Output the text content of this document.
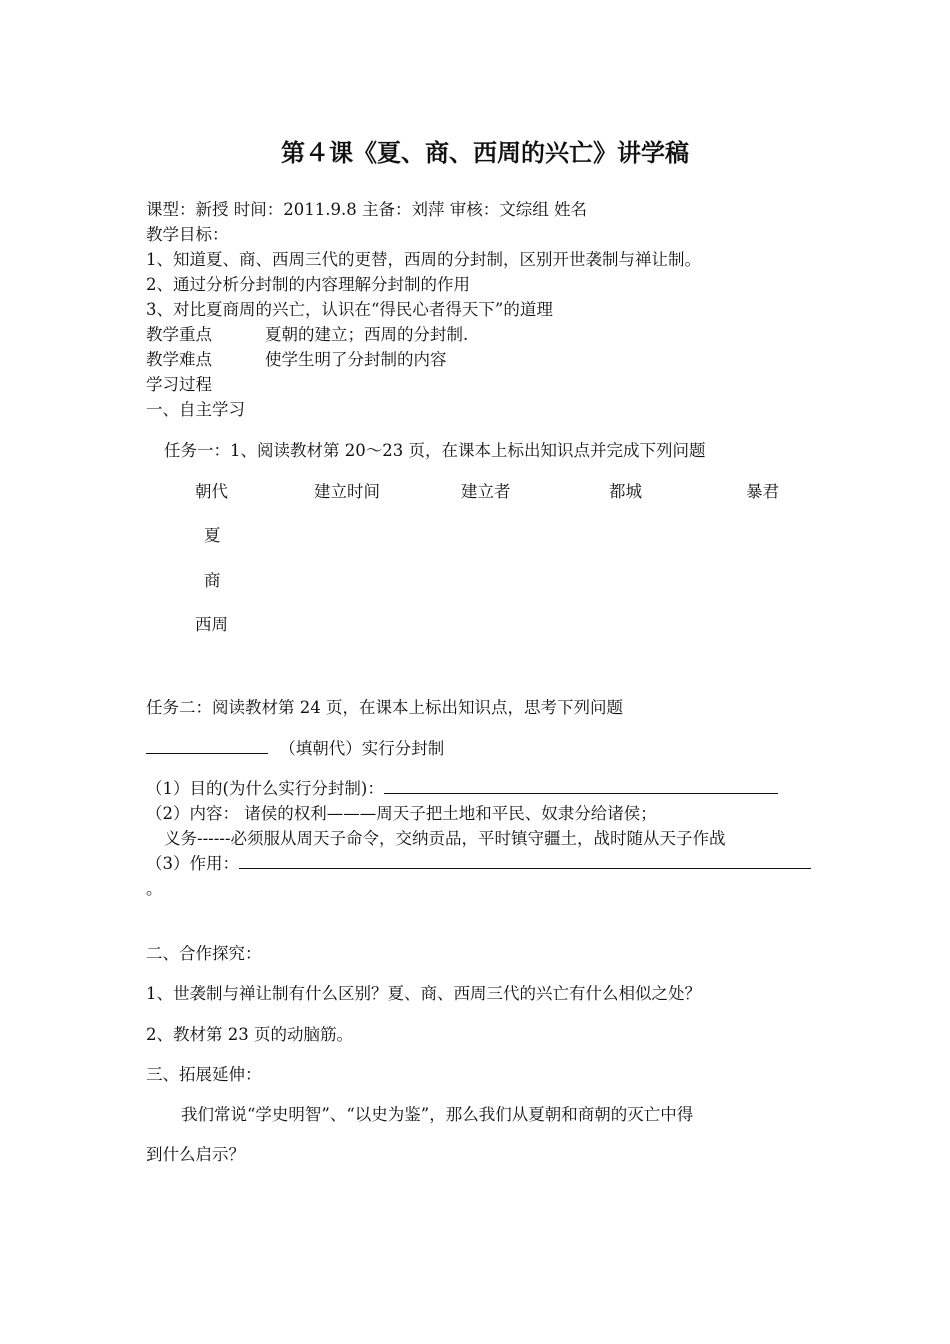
第４课《夏、商、西周的兴亡》讲学稿
课型：新授 时间：2011.9.8 主备：刘萍 审核：文综组 姓名
教学目标：
1、知道夏、商、西周三代的更替，西周的分封制，区别开世袭制与禅让制。
2、通过分析分封制的内容理解分封制的作用
3、对比夏商周的兴亡，认识在“得民心者得天下”的道理
教学重点	夏朝的建立；西周的分封制.
教学难点	使学生明了分封制的内容
学习过程
一、自主学习
任务一：1、阅读教材第 20～23 页，在课本上标出知识点并完成下列问题
朝代	建立时间	建立者	都城	暴君
夏
商
西周
任务二：阅读教材第 24 页，在课本上标出知识点，思考下列问题
（填朝代）实行分封制
（1）目的(为什么实行分封制)：
（2）内容： 诸侯的权利———周天子把土地和平民、奴隶分给诸侯；
义务------必须服从周天子命令，交纳贡品，平时镇守疆土，战时随从天子作战
（3）作用：
。
二、合作探究：
1、世袭制与禅让制有什么区别？夏、商、西周三代的兴亡有什么相似之处？
2、教材第 23 页的动脑筋。
三、拓展延伸：
我们常说“学史明智”、“以史为鉴”，那么我们从夏朝和商朝的灭亡中得
到什么启示？
